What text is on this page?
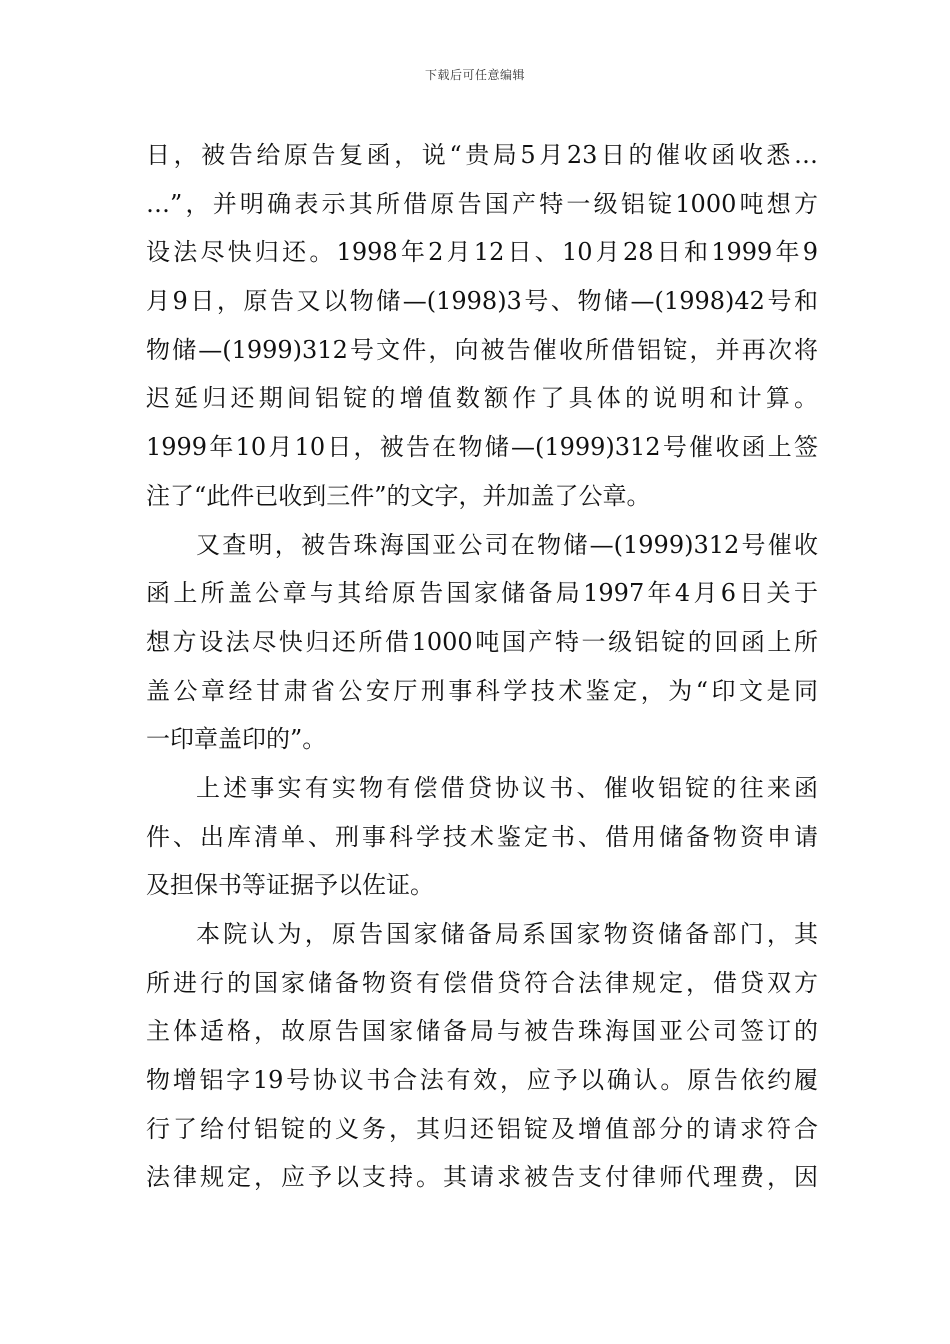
下载后可任意编辑
日，被告给原告复函，说“贵局5月23日的催收函收悉…
…”，并明确表示其所借原告国产特一级铝锭1000吨想方
设法尽快归还。1998年2月12日、10月28日和1999年9
月9日，原告又以物储—(1998)3号、物储—(1998)42号和
物储—(1999)312号文件，向被告催收所借铝锭，并再次将
迟延归还期间铝锭的增值数额作了具体的说明和计算。
1999年10月10日，被告在物储—(1999)312号催收函上签
注了“此件已收到三件”的文字，并加盖了公章。
又查明，被告珠海国亚公司在物储—(1999)312号催收
函上所盖公章与其给原告国家储备局1997年4月6日关于
想方设法尽快归还所借1000吨国产特一级铝锭的回函上所
盖公章经甘肃省公安厅刑事科学技术鉴定，为“印文是同
一印章盖印的”。
上述事实有实物有偿借贷协议书、催收铝锭的往来函
件、出库清单、刑事科学技术鉴定书、借用储备物资申请
及担保书等证据予以佐证。
本院认为，原告国家储备局系国家物资储备部门，其
所进行的国家储备物资有偿借贷符合法律规定，借贷双方
主体适格，故原告国家储备局与被告珠海国亚公司签订的
物增铝字19号协议书合法有效，应予以确认。原告依约履
行了给付铝锭的义务，其归还铝锭及增值部分的请求符合
法律规定，应予以支持。其请求被告支付律师代理费，因
